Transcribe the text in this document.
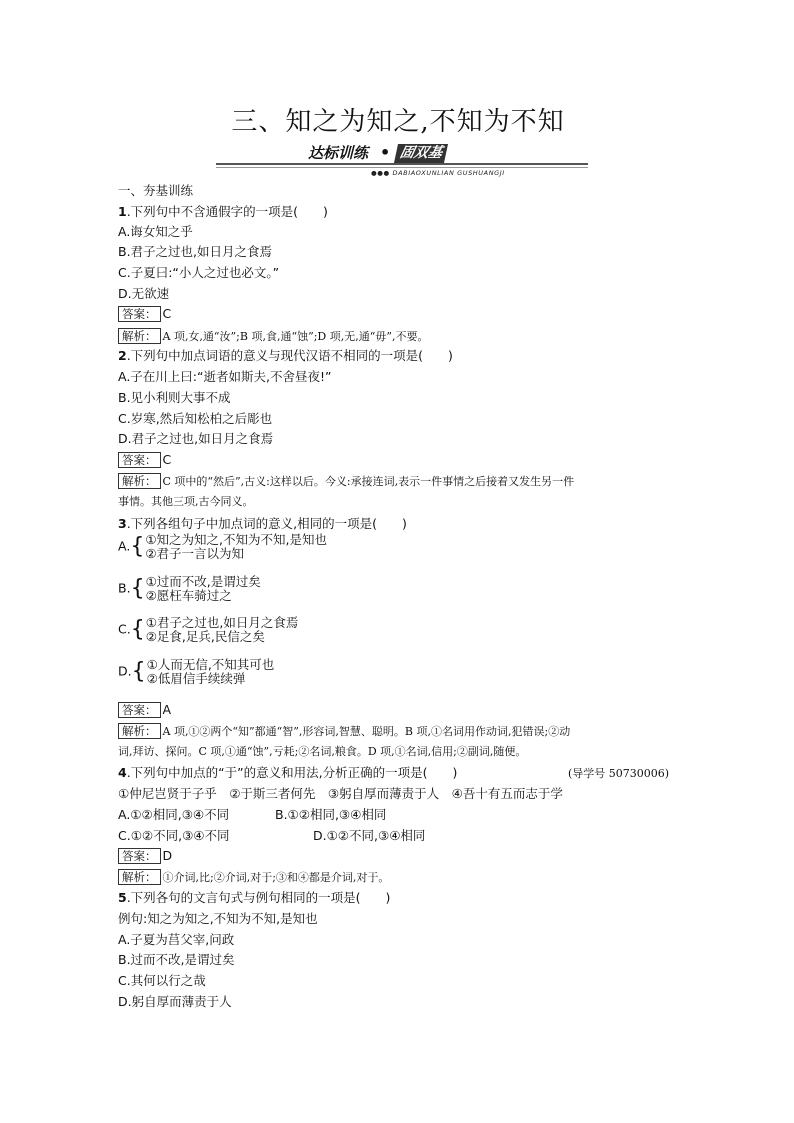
三、知之为知之,不知为不知
达标训练 • 固双基
●●● DABIAOXUNLIAN GUSHUANGJI
一、夯基训练
1.下列句中不含通假字的一项是(　　)
A.诲女知之乎
B.君子之过也,如日月之食焉
C.子夏曰:“小人之过也必文。”
D.无欲速
答案： C
解析： A 项,女,通“汝”;B 项,食,通“蚀”;D 项,无,通“毋”,不要。
2.下列句中加点词语的意义与现代汉语不相同的一项是(　　)
A.子在川上曰:“逝者如斯夫,不舍昼夜!”
B.见小利则大事不成
C.岁寒,然后知松柏之后彫也
D.君子之过也,如日月之食焉
答案： C
解析： C 项中的“然后”,古义:这样以后。今义:承接连词,表示一件事情之后接着又发生另一件
事情。其他三项,古今同义。
3.下列各组句子中加点词的意义,相同的一项是(　　)
A.{①知之为知之,不知为不知,是知也
②君子一言以为知
B.{①过而不改,是谓过矣
②愿枉车骑过之
C.{①君子之过也,如日月之食焉
②足食,足兵,民信之矣
D.{①人而无信,不知其可也
②低眉信手续续弹
答案： A
解析： A 项,①②两个“知”都通“智”,形容词,智慧、聪明。B 项,①名词用作动词,犯错误;②动
词,拜访、探问。C 项,①通“蚀”,亏耗;②名词,粮食。D 项,①名词,信用;②副词,随便。
4.下列句中加点的“于”的意义和用法,分析正确的一项是(　　)	(导学号 50730006)
①仲尼岂贤于子乎　②于斯三者何先　③躬自厚而薄责于人　④吾十有五而志于学
A.①②相同,③④不同	B.①②相同,③④相同
C.①②不同,③④不同	D.①②不同,③④相同
答案： D
解析： ①介词,比;②介词,对于;③和④都是介词,对于。
5.下列各句的文言句式与例句相同的一项是(　　)
例句:知之为知之,不知为不知,是知也
A.子夏为莒父宰,问政
B.过而不改,是谓过矣
C.其何以行之哉
D.躬自厚而薄责于人
